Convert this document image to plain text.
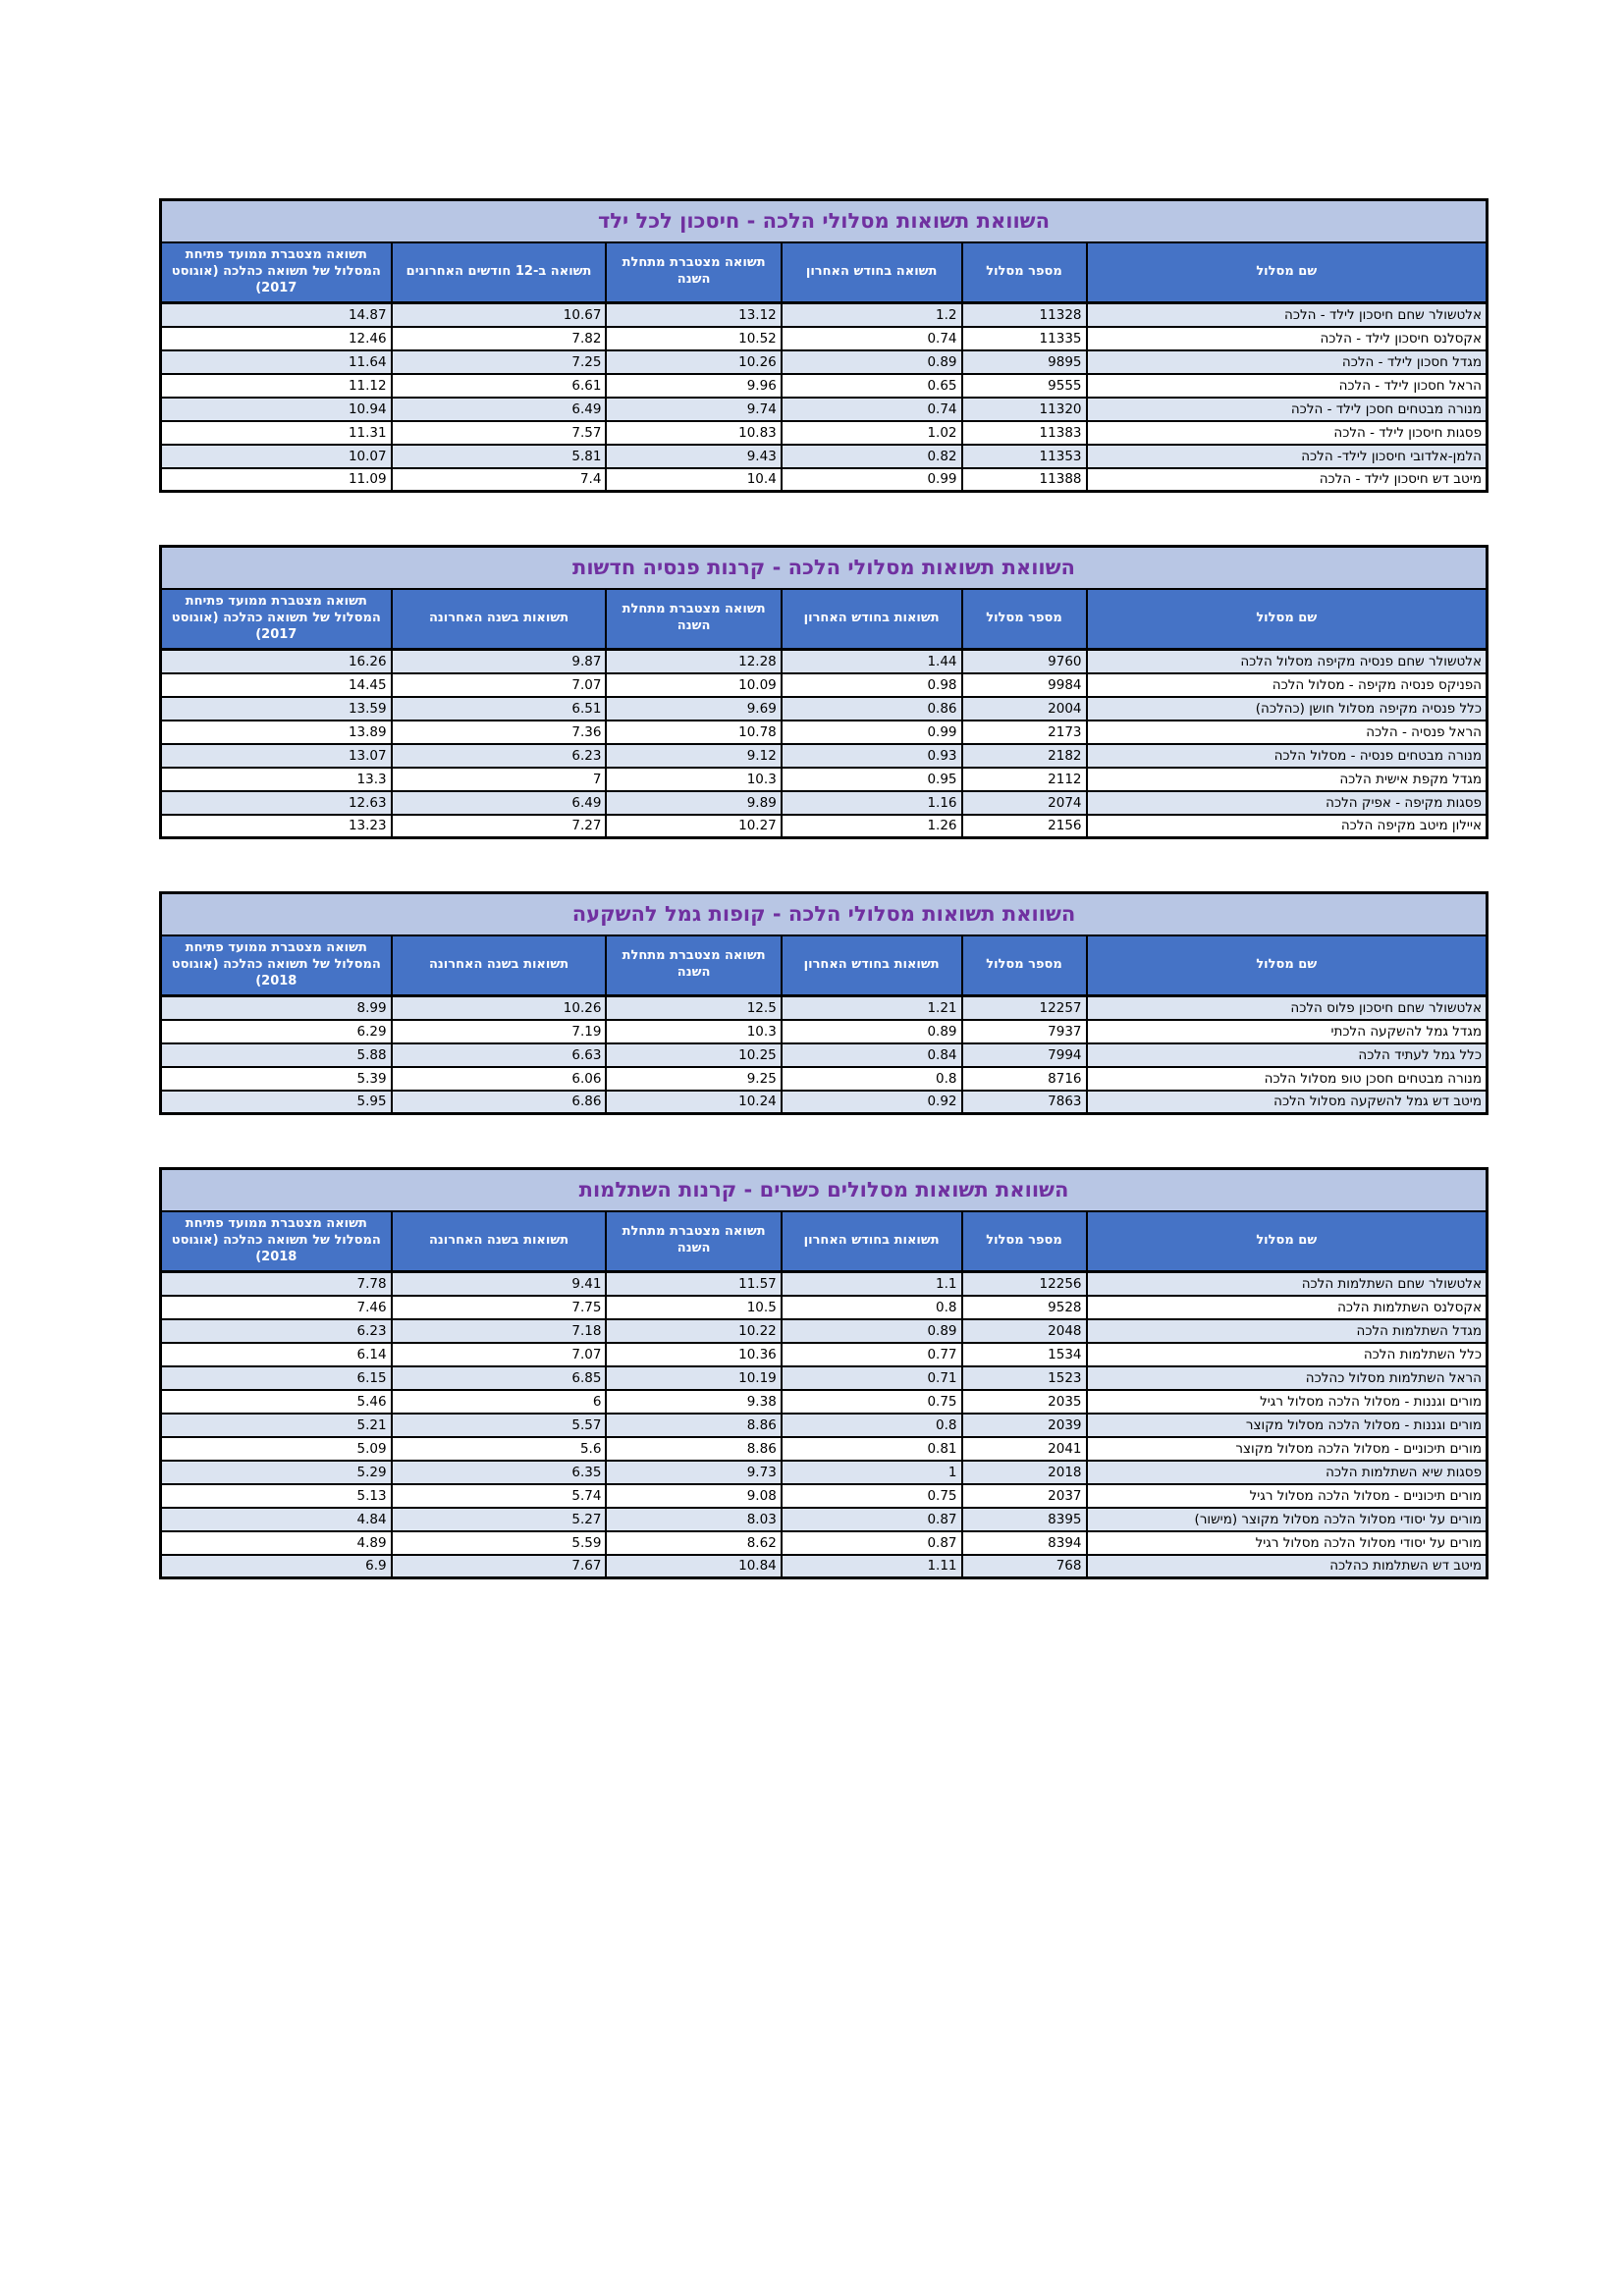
השוואת תשואות מסלולי הלכה - חיסכון לכל ילד					
שם מסלול	מספר מסלול	תשואה בחודש האחרון	תשואה מצטברת מתחלת השנה	תשואה ב-12 חודשים האחרונים	תשואה מצטברת ממועד פתיחת המסלול של תשואה כהלכה (אוגוסט 2017)
אלטשולר שחם חיסכון לילד - הלכה	11328	1.2	13.12	10.67	14.87
אקסלנס חיסכון לילד - הלכה	11335	0.74	10.52	7.82	12.46
מגדל חסכון לילד - הלכה	9895	0.89	10.26	7.25	11.64
הראל חסכון לילד - הלכה	9555	0.65	9.96	6.61	11.12
מנורה מבטחים חסכן לילד - הלכה	11320	0.74	9.74	6.49	10.94
פסגות חיסכון לילד - הלכה	11383	1.02	10.83	7.57	11.31
הלמן-אלדובי חיסכון לילד- הלכה	11353	0.82	9.43	5.81	10.07
מיטב דש חיסכון לילד - הלכה	11388	0.99	10.4	7.4	11.09
השוואת תשואות מסלולי הלכה - קרנות פנסיה חדשות					
שם מסלול	מספר מסלול	תשואות בחודש האחרון	תשואה מצטברת מתחלת השנה	תשואות בשנה האחרונה	תשואה מצטברת ממועד פתיחת המסלול של תשואה כהלכה (אוגוסט 2017)
אלטשולר שחם פנסיה מקיפה מסלול הלכה	9760	1.44	12.28	9.87	16.26
הפניקס פנסיה מקיפה - מסלול הלכה	9984	0.98	10.09	7.07	14.45
כלל פנסיה מקיפה מסלול חושן (כהלכה)	2004	0.86	9.69	6.51	13.59
הראל פנסיה - הלכה	2173	0.99	10.78	7.36	13.89
מנורה מבטחים פנסיה - מסלול הלכה	2182	0.93	9.12	6.23	13.07
מגדל מקפת אישית הלכה	2112	0.95	10.3	7	13.3
פסגות מקיפה - אפיק הלכה	2074	1.16	9.89	6.49	12.63
איילון מיטב מקיפה הלכה	2156	1.26	10.27	7.27	13.23
השוואת תשואות מסלולי הלכה - קופות גמל להשקעה					
שם מסלול	מספר מסלול	תשואות בחודש האחרון	תשואה מצטברת מתחלת השנה	תשואות בשנה האחרונה	תשואה מצטברת ממועד פתיחת המסלול של תשואה כהלכה (אוגוסט 2018)
אלטשולר שחם חיסכון פלוס הלכה	12257	1.21	12.5	10.26	8.99
מגדל גמל להשקעה הלכתי	7937	0.89	10.3	7.19	6.29
כלל גמל לעתיד הלכה	7994	0.84	10.25	6.63	5.88
מנורה מבטחים חסכן טופ מסלול הלכה	8716	0.8	9.25	6.06	5.39
מיטב דש גמל להשקעה מסלול הלכה	7863	0.92	10.24	6.86	5.95
השוואת תשואות מסלולים כשרים - קרנות השתלמות					
שם מסלול	מספר מסלול	תשואות בחודש האחרון	תשואה מצטברת מתחלת השנה	תשואות בשנה האחרונה	תשואה מצטברת ממועד פתיחת המסלול של תשואה כהלכה (אוגוסט 2018)
אלטשולר שחם השתלמות הלכה	12256	1.1	11.57	9.41	7.78
אקסלנס השתלמות הלכה	9528	0.8	10.5	7.75	7.46
מגדל השתלמות הלכה	2048	0.89	10.22	7.18	6.23
כלל השתלמות הלכה	1534	0.77	10.36	7.07	6.14
הראל השתלמות מסלול כהלכה	1523	0.71	10.19	6.85	6.15
מורים וגננות - מסלול הלכה מסלול רגיל	2035	0.75	9.38	6	5.46
מורים וגננות - מסלול הלכה מסלול מקוצר	2039	0.8	8.86	5.57	5.21
מורים תיכוניים - מסלול הלכה מסלול מקוצר	2041	0.81	8.86	5.6	5.09
פסגות שיא השתלמות הלכה	2018	1	9.73	6.35	5.29
מורים תיכוניים - מסלול הלכה מסלול רגיל	2037	0.75	9.08	5.74	5.13
מורים על יסודי מסלול הלכה מסלול מקוצר (מישור)	8395	0.87	8.03	5.27	4.84
מורים על יסודי מסלול הלכה מסלול רגיל	8394	0.87	8.62	5.59	4.89
מיטב דש השתלמות כהלכה	768	1.11	10.84	7.67	6.9
